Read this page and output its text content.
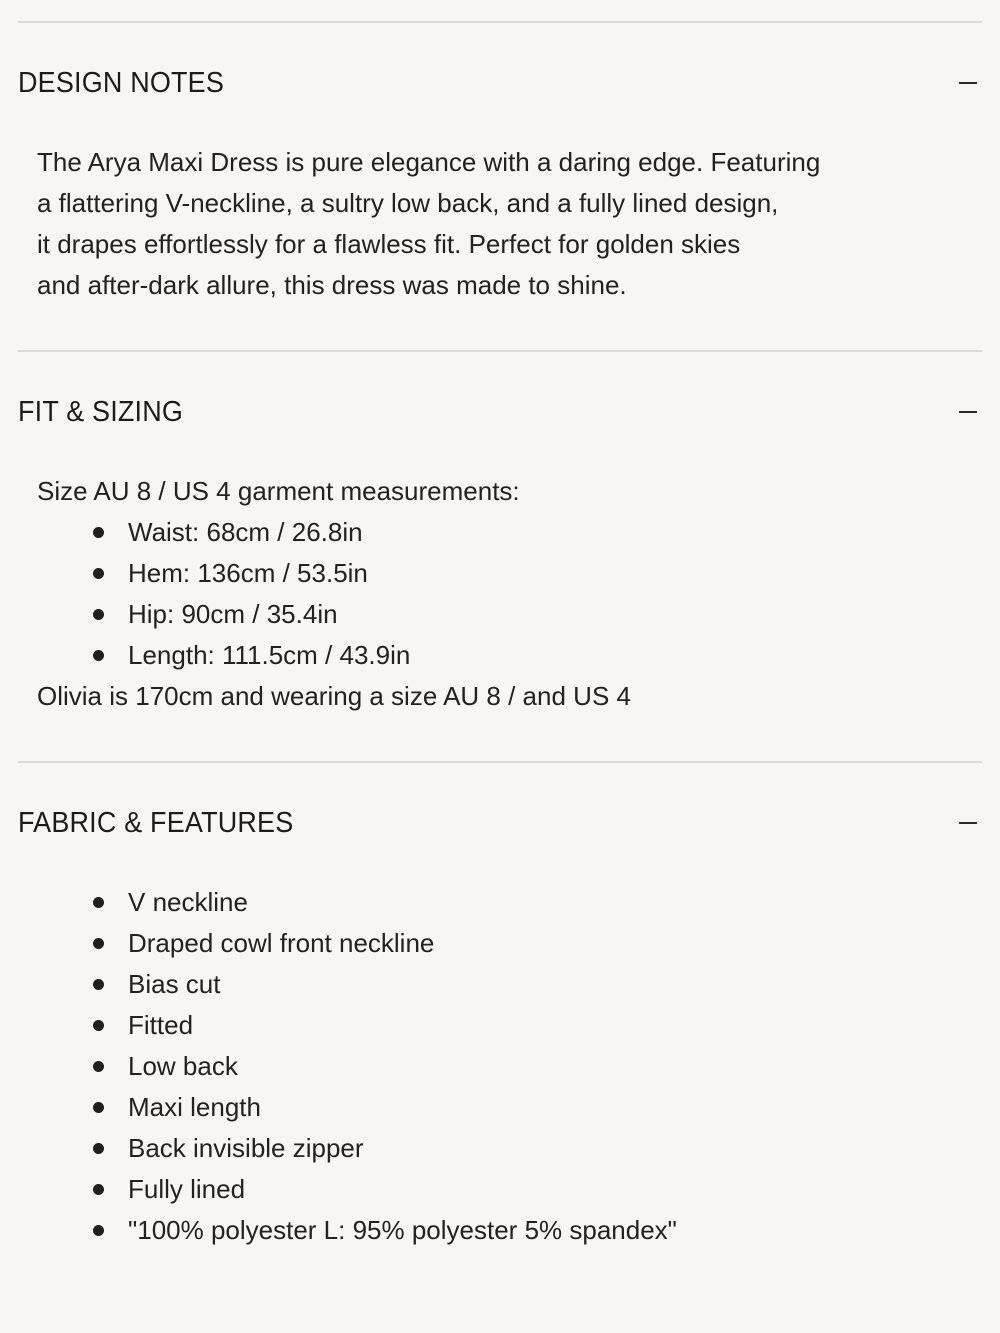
DESIGN NOTES
The Arya Maxi Dress is pure elegance with a daring edge. Featuring
a flattering V-neckline, a sultry low back, and a fully lined design,
it drapes effortlessly for a flawless fit. Perfect for golden skies
and after-dark allure, this dress was made to shine.
FIT & SIZING
Size AU 8 / US 4 garment measurements:
Waist: 68cm / 26.8in
Hem: 136cm / 53.5in
Hip: 90cm / 35.4in
Length: 111.5cm / 43.9in
Olivia is 170cm and wearing a size AU 8 / and US 4
FABRIC & FEATURES
V neckline
Draped cowl front neckline
Bias cut
Fitted
Low back
Maxi length
Back invisible zipper
Fully lined
"100% polyester L: 95% polyester 5% spandex"
